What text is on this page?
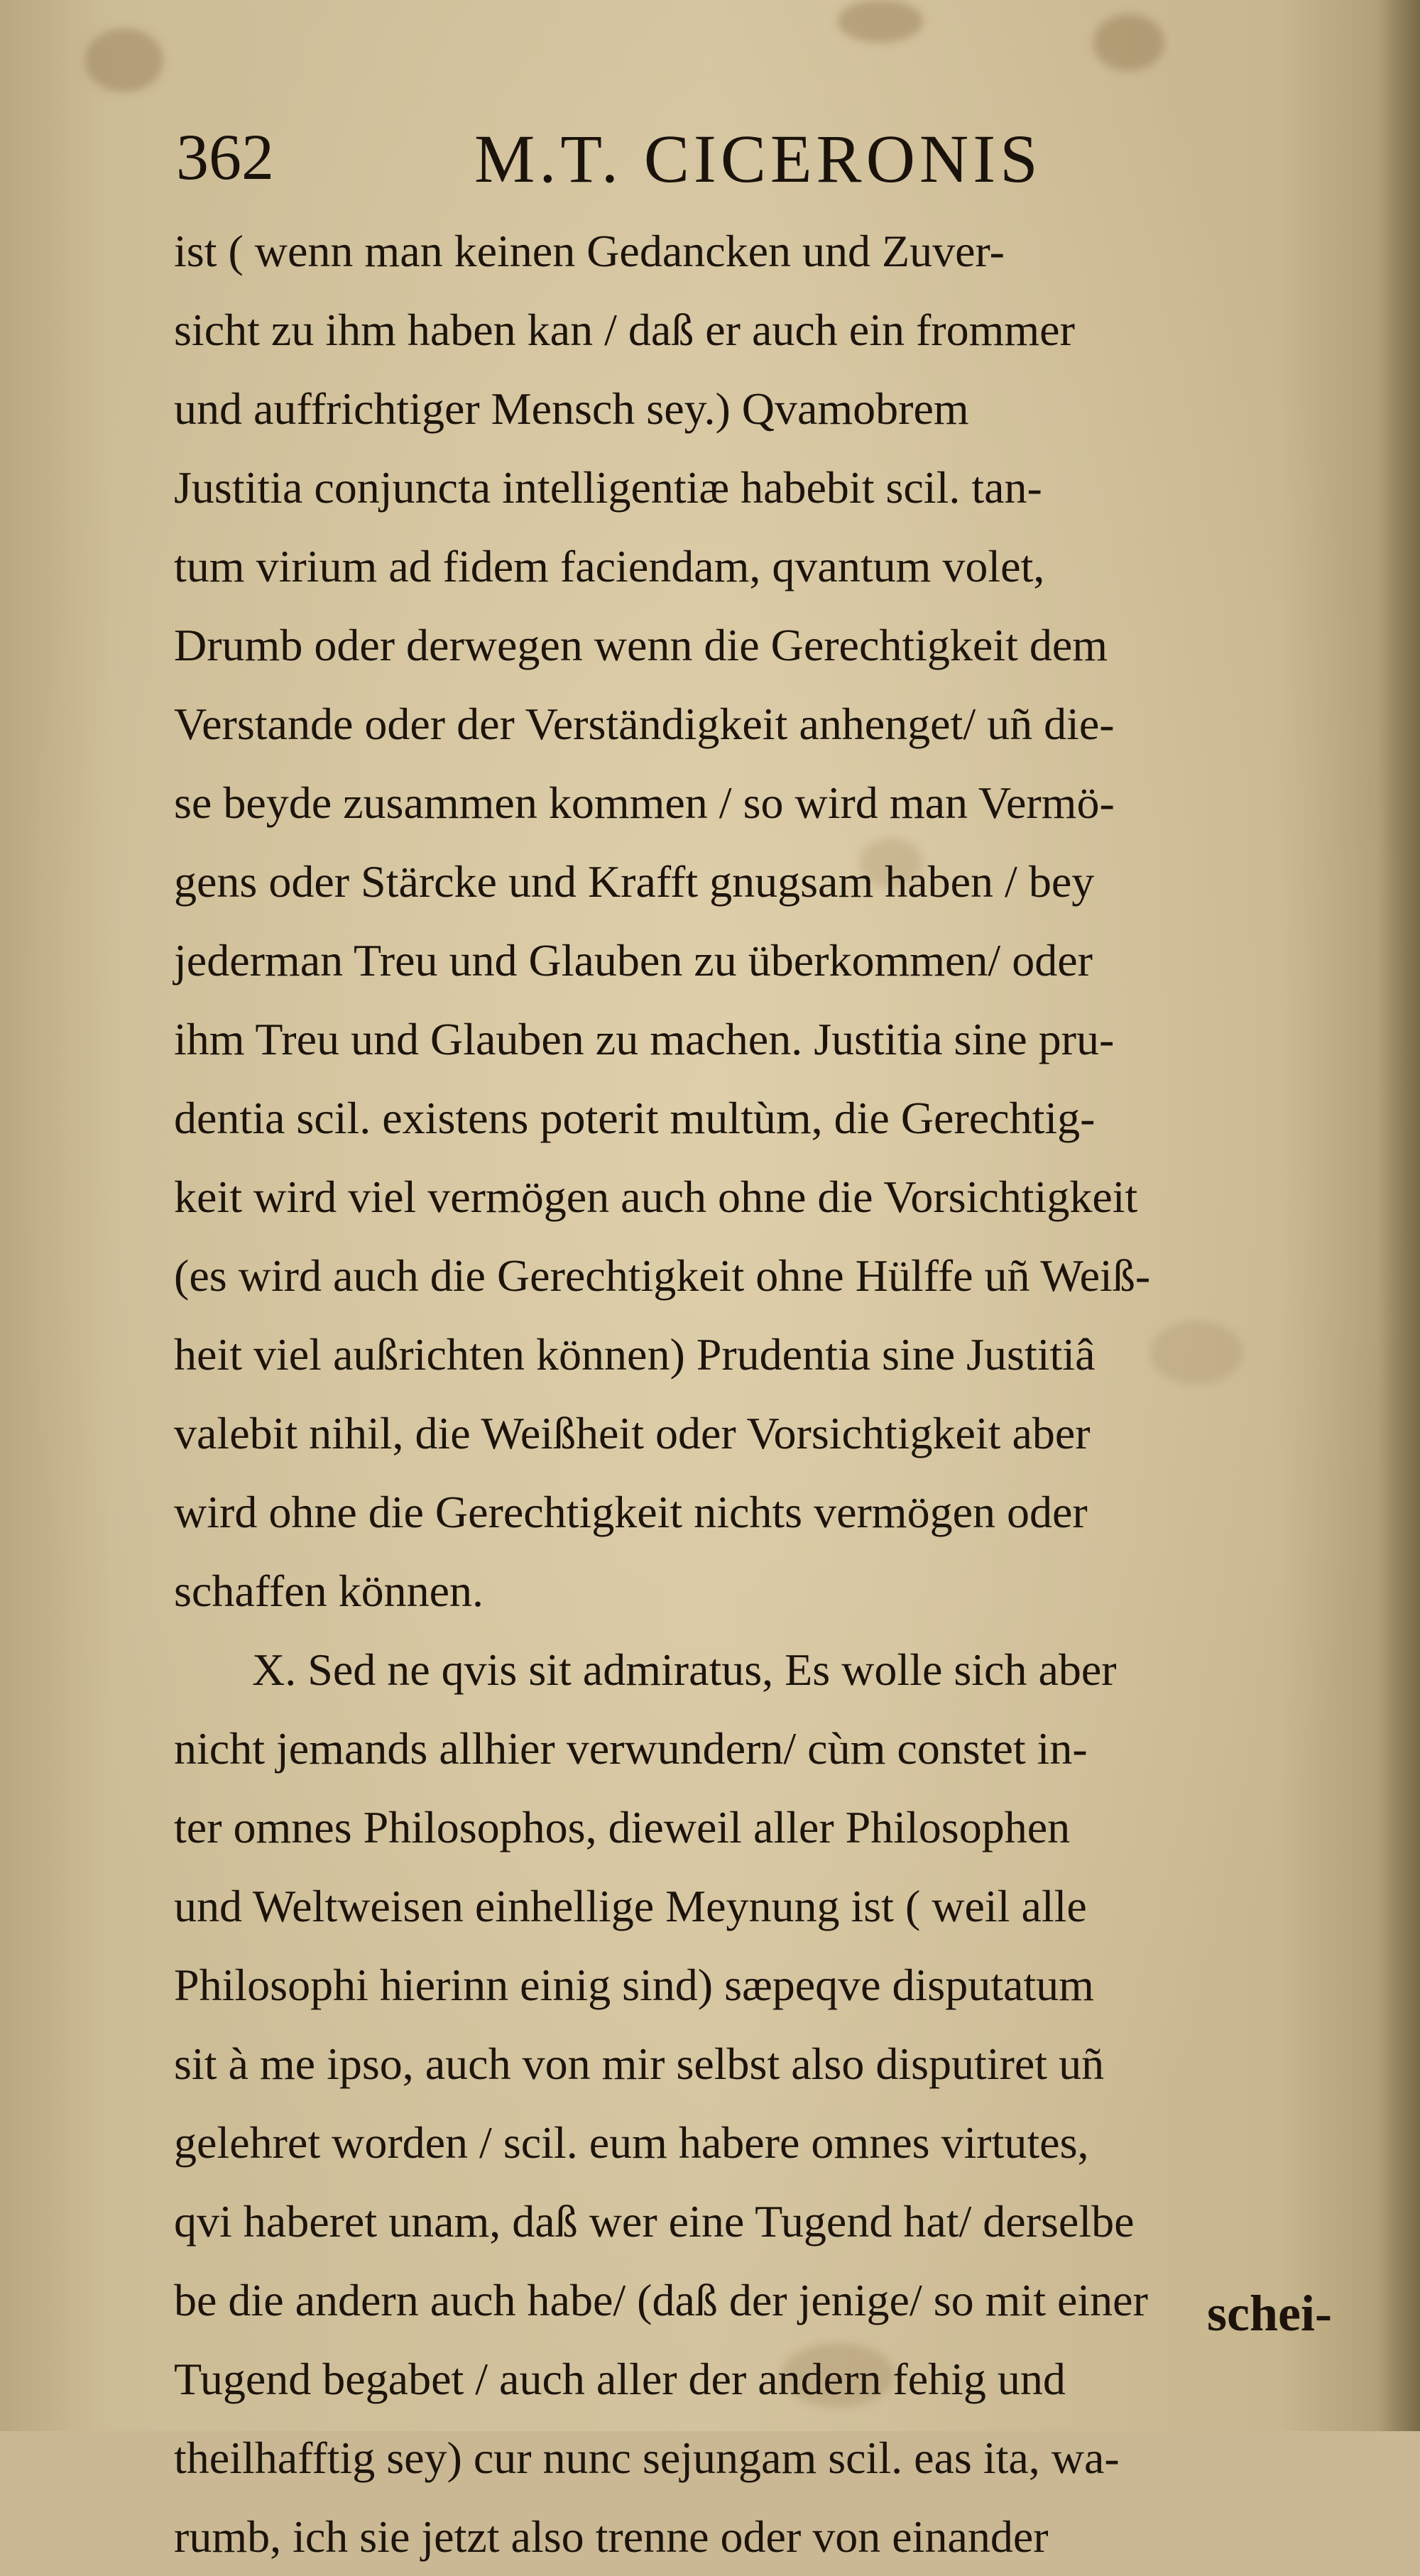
362	M.T. CICERONIS
ist ( wenn man keinen Gedancken und Zuver-
sicht zu ihm haben kan / daß er auch ein frommer
und auffrichtiger Mensch sey.) Qvamobrem
Justitia conjuncta intelligentiæ habebit scil. tan-
tum virium ad fidem faciendam, qvantum volet,
Drumb oder derwegen wenn die Gerechtigkeit dem
Verstande oder der Verständigkeit anhenget/ uñ die-
se beyde zusammen kommen / so wird man Vermö-
gens oder Stärcke und Krafft gnugsam haben / bey
jederman Treu und Glauben zu überkommen/ oder
ihm Treu und Glauben zu machen. Justitia sine pru-
dentia scil. existens poterit multùm, die Gerechtig-
keit wird viel vermögen auch ohne die Vorsichtigkeit
(es wird auch die Gerechtigkeit ohne Hülffe uñ Weiß-
heit viel außrichten können) Prudentia sine Justitiâ
valebit nihil, die Weißheit oder Vorsichtigkeit aber
wird ohne die Gerechtigkeit nichts vermögen oder
schaffen können.
X. Sed ne qvis sit admiratus, Es wolle sich aber
nicht jemands allhier verwundern/ cùm constet in-
ter omnes Philosophos, dieweil aller Philosophen
und Weltweisen einhellige Meynung ist ( weil alle
Philosophi hierinn einig sind) sæpeqve disputatum
sit à me ipso, auch von mir selbst also disputiret uñ
gelehret worden / scil. eum habere omnes virtutes,
qvi haberet unam, daß wer eine Tugend hat/ derselbe
be die andern auch habe/ (daß der jenige/ so mit einer
Tugend begabet / auch aller der andern fehig und
theilhafftig sey) cur nunc sejungam scil. eas ita, wa-
rumb, ich sie jetzt also trenne oder von einander
schei-
